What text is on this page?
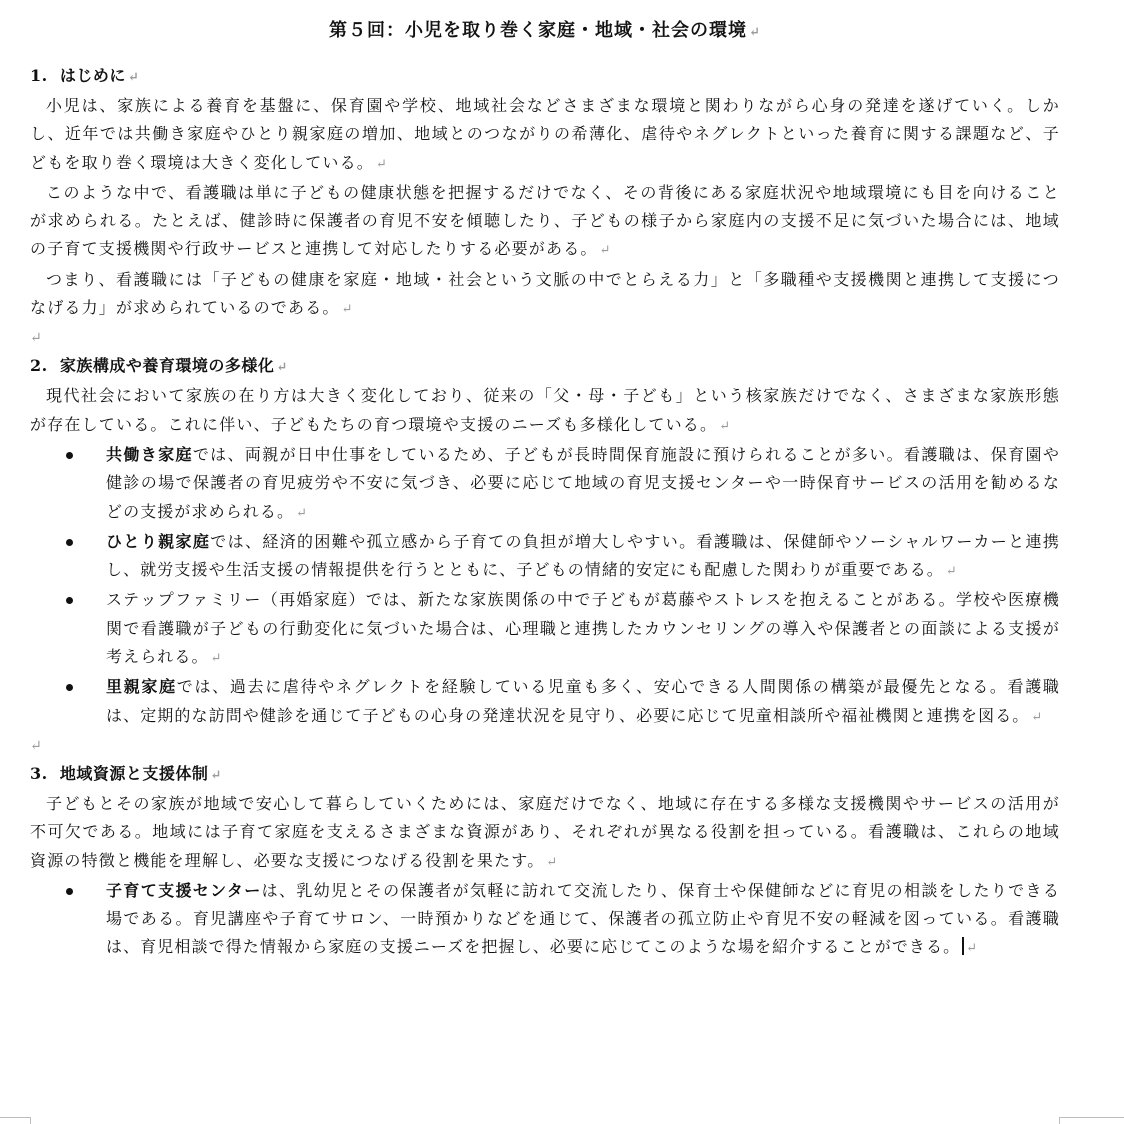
第５回：小児を取り巻く家庭・地域・社会の環境 ↵
1.  はじめに ↵

小児は、家族による養育を基盤に、保育園や学校、地域社会などさまざまな環境と関わりながら心身の発達を遂げていく。しかし、近年では共働き家庭やひとり親家庭の増加、地域とのつながりの希薄化、虐待やネグレクトといった養育に関する課題など、子どもを取り巻く環境は大きく変化している。 ↵

このような中で、看護職は単に子どもの健康状態を把握するだけでなく、その背後にある家庭状況や地域環境にも目を向けることが求められる。たとえば、健診時に保護者の育児不安を傾聴したり、子どもの様子から家庭内の支援不足に気づいた場合には、地域の子育て支援機関や行政サービスと連携して対応したりする必要がある。 ↵

つまり、看護職には「子どもの健康を家庭・地域・社会という文脈の中でとらえる力」と「多職種や支援機関と連携して支援につなげる力」が求められているのである。 ↵

↵
2.  家族構成や養育環境の多様化 ↵

現代社会において家族の在り方は大きく変化しており、従来の「父・母・子ども」という核家族だけでなく、さまざまな家族形態が存在している。これに伴い、子どもたちの育つ環境や支援のニーズも多様化している。 ↵

共働き家庭では、両親が日中仕事をしているため、子どもが長時間保育施設に預けられることが多い。看護職は、保育園や健診の場で保護者の育児疲労や不安に気づき、必要に応じて地域の育児支援センターや一時保育サービスの活用を勧めるなどの支援が求められる。 ↵
ひとり親家庭では、経済的困難や孤立感から子育ての負担が増大しやすい。看護職は、保健師やソーシャルワーカーと連携し、就労支援や生活支援の情報提供を行うとともに、子どもの情緒的安定にも配慮した関わりが重要である。 ↵
ステップファミリー（再婚家庭）では、新たな家族関係の中で子どもが葛藤やストレスを抱えることがある。学校や医療機関で看護職が子どもの行動変化に気づいた場合は、心理職と連携したカウンセリングの導入や保護者との面談による支援が考えられる。 ↵
里親家庭では、過去に虐待やネグレクトを経験している児童も多く、安心できる人間関係の構築が最優先となる。看護職は、定期的な訪問や健診を通じて子どもの心身の発達状況を見守り、必要に応じて児童相談所や福祉機関と連携を図る。 ↵
↵
3.  地域資源と支援体制 ↵

子どもとその家族が地域で安心して暮らしていくためには、家庭だけでなく、地域に存在する多様な支援機関やサービスの活用が不可欠である。地域には子育て家庭を支えるさまざまな資源があり、それぞれが異なる役割を担っている。看護職は、これらの地域資源の特徴と機能を理解し、必要な支援につなげる役割を果たす。 ↵

子育て支援センターは、乳幼児とその保護者が気軽に訪れて交流したり、保育士や保健師などに育児の相談をしたりできる場である。育児講座や子育てサロン、一時預かりなどを通じて、保護者の孤立防止や育児不安の軽減を図っている。看護職は、育児相談で得た情報から家庭の支援ニーズを把握し、必要に応じてこのような場を紹介することができる。 ↵
